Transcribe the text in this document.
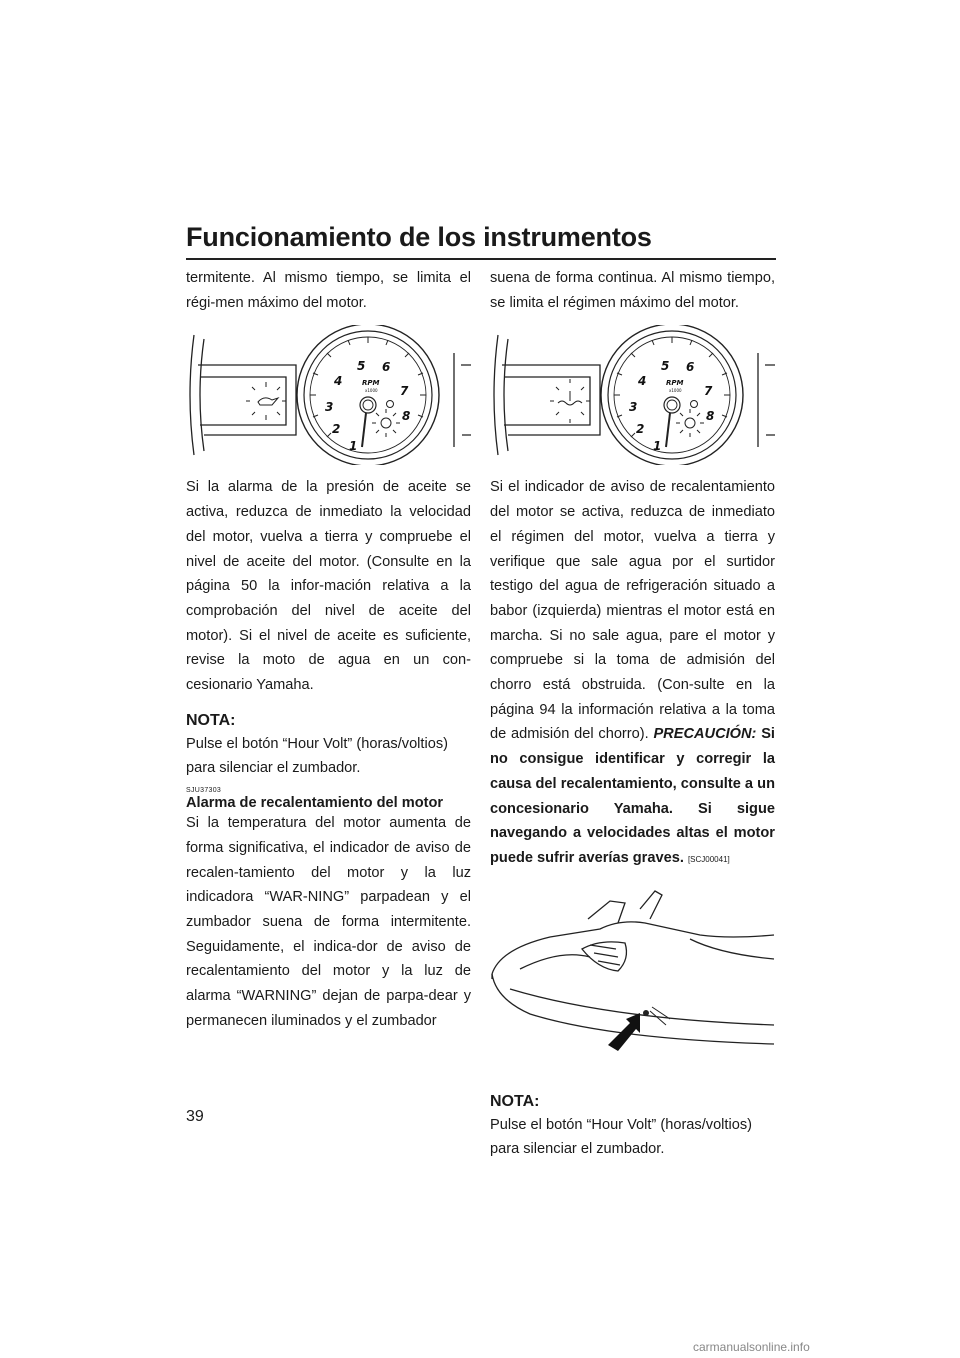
Funcionamiento de los instrumentos

termitente. Al mismo tiempo, se limita el régi-men máximo del motor.

1
2
3
4
5 6
7
8
RPM
x1000

Si la alarma de la presión de aceite se activa, reduzca de inmediato la velocidad del motor, vuelva a tierra y compruebe el nivel de aceite del motor. (Consulte en la página 50 la infor-mación relativa a la comprobación del nivel de aceite del motor). Si el nivel de aceite es suficiente, revise la moto de agua en un con-cesionario Yamaha.

NOTA:

Pulse el botón “Hour Volt” (horas/voltios) para silenciar el zumbador.

SJU37303
Alarma de recalentamiento del motor

Si la temperatura del motor aumenta de forma significativa, el indicador de aviso de recalen-tamiento del motor y la luz indicadora “WAR-NING” parpadean y el zumbador suena de forma intermitente. Seguidamente, el indica-dor de aviso de recalentamiento del motor y la luz de alarma “WARNING” dejan de parpa-dear y permanecen iluminados y el zumbador

suena de forma continua. Al mismo tiempo, se limita el régimen máximo del motor.

1
2
3
4
5 6
7
8
RPM
x1000

Si el indicador de aviso de recalentamiento del motor se activa, reduzca de inmediato el régimen del motor, vuelva a tierra y verifique que sale agua por el surtidor testigo del agua de refrigeración situado a babor (izquierda) mientras el motor está en marcha. Si no sale agua, pare el motor y compruebe si la toma de admisión del chorro está obstruida. (Con-sulte en la página 94 la información relativa a la toma de admisión del chorro). PRECAUCIÓN: Si no consigue identificar y corregir la causa del recalentamiento, consulte a un concesionario Yamaha. Si sigue navegando a velocidades altas el motor puede sufrir averías graves. [SCJ00041]

NOTA:

Pulse el botón “Hour Volt” (horas/voltios) para silenciar el zumbador.

39
carmanualsonline.info
